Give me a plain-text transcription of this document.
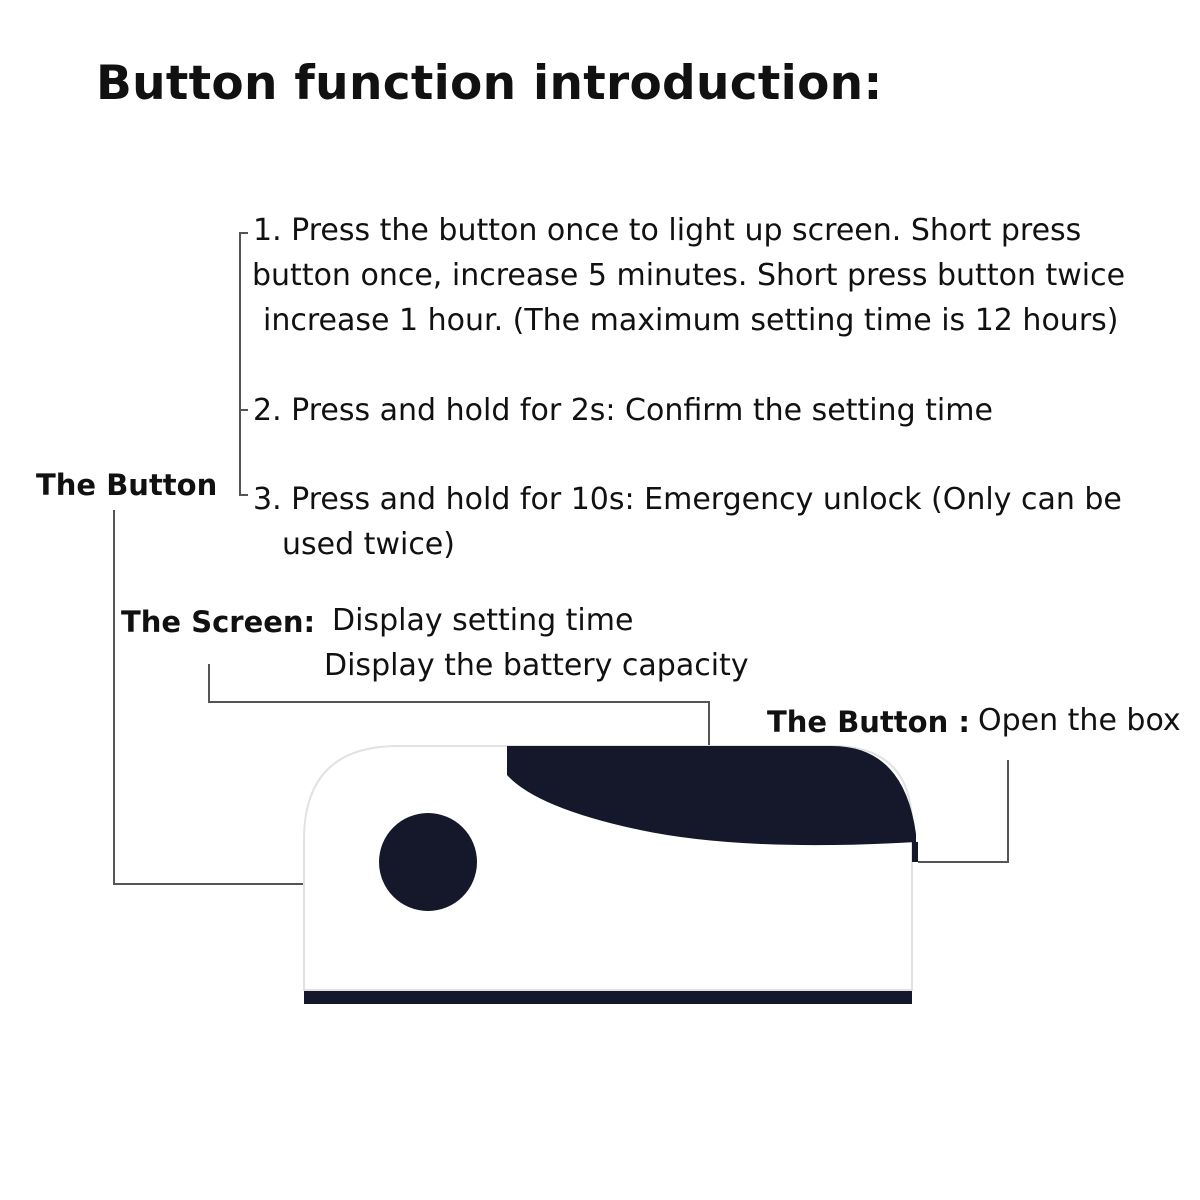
Button function introduction:
1. Press the button once to light up screen. Short press
button once, increase 5 minutes. Short press button twice
increase 1 hour. (The maximum setting time is 12 hours)
2. Press and hold for 2s: Confirm the setting time
3. Press and hold for 10s: Emergency unlock (Only can be
used twice)
The Button
The Screen: Display setting time
Display the battery capacity
The Button : Open the box
